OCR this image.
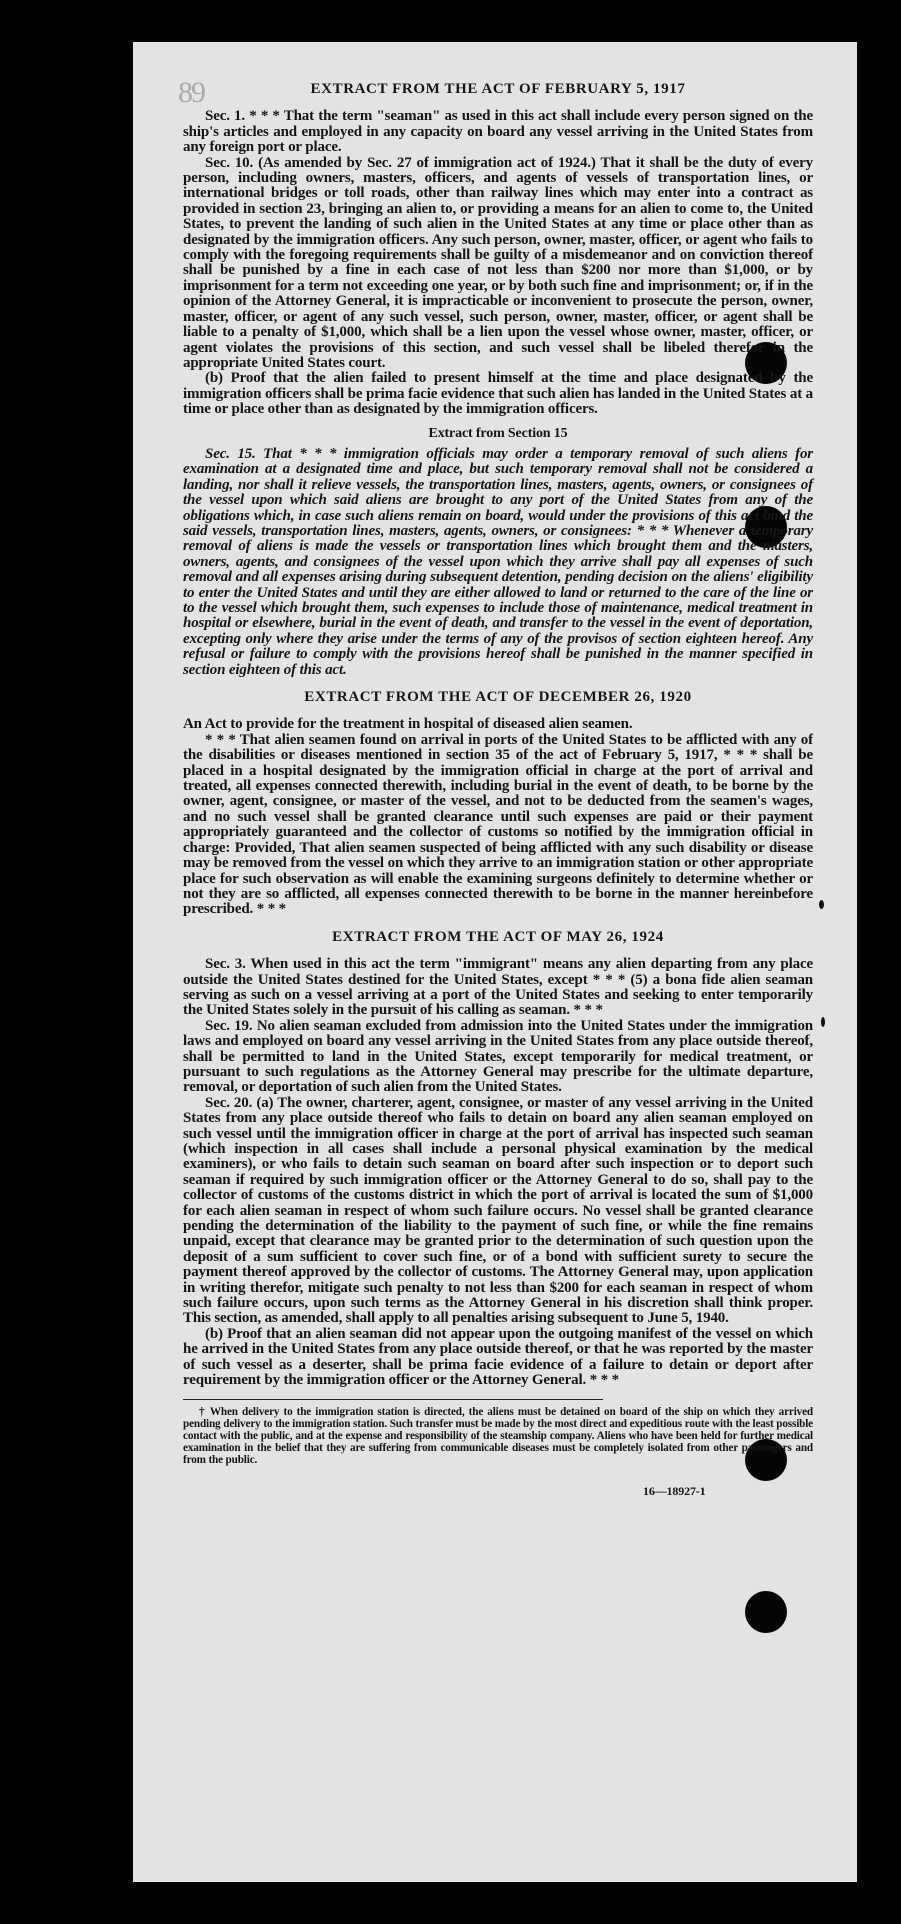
89	EXTRACT FROM THE ACT OF FEBRUARY 5, 1917

Sec. 1. * * * That the term "seaman" as used in this act shall include every person signed on the ship's articles and employed in any capacity on board any vessel arriving in the United States from any foreign port or place.

Sec. 10. (As amended by Sec. 27 of immigration act of 1924.) That it shall be the duty of every person, including owners, masters, officers, and agents of vessels of transportation lines, or international bridges or toll roads, other than railway lines which may enter into a contract as provided in section 23, bringing an alien to, or providing a means for an alien to come to, the United States, to prevent the landing of such alien in the United States at any time or place other than as designated by the immigration officers. Any such person, owner, master, officer, or agent who fails to comply with the foregoing requirements shall be guilty of a misdemeanor and on conviction thereof shall be punished by a fine in each case of not less than $200 nor more than $1,000, or by imprisonment for a term not exceeding one year, or by both such fine and imprisonment; or, if in the opinion of the Attorney General, it is impracticable or inconvenient to prosecute the person, owner, master, officer, or agent of any such vessel, such person, owner, master, officer, or agent shall be liable to a penalty of $1,000, which shall be a lien upon the vessel whose owner, master, officer, or agent violates the provisions of this section, and such vessel shall be libeled therefor in the appropriate United States court.

(b) Proof that the alien failed to present himself at the time and place designated by the immigration officers shall be prima facie evidence that such alien has landed in the United States at a time or place other than as designated by the immigration officers.

Extract from Section 15

Sec. 15. That * * * immigration officials may order a temporary removal of such aliens for examination at a designated time and place, but such temporary removal shall not be considered a landing, nor shall it relieve vessels, the transportation lines, masters, agents, owners, or consignees of the vessel upon which said aliens are brought to any port of the United States from any of the obligations which, in case such aliens remain on board, would under the provisions of this act bind the said vessels, transportation lines, masters, agents, owners, or consignees: * * * Whenever a temporary removal of aliens is made the vessels or transportation lines which brought them and the masters, owners, agents, and consignees of the vessel upon which they arrive shall pay all expenses of such removal and all expenses arising during subsequent detention, pending decision on the aliens' eligibility to enter the United States and until they are either allowed to land or returned to the care of the line or to the vessel which brought them, such expenses to include those of maintenance, medical treatment in hospital or elsewhere, burial in the event of death, and transfer to the vessel in the event of deportation, excepting only where they arise under the terms of any of the provisos of section eighteen hereof. Any refusal or failure to comply with the provisions hereof shall be punished in the manner specified in section eighteen of this act.

EXTRACT FROM THE ACT OF DECEMBER 26, 1920

An Act to provide for the treatment in hospital of diseased alien seamen.

* * * That alien seamen found on arrival in ports of the United States to be afflicted with any of the disabilities or diseases mentioned in section 35 of the act of February 5, 1917, * * * shall be placed in a hospital designated by the immigration official in charge at the port of arrival and treated, all expenses connected therewith, including burial in the event of death, to be borne by the owner, agent, consignee, or master of the vessel, and not to be deducted from the seamen's wages, and no such vessel shall be granted clearance until such expenses are paid or their payment appropriately guaranteed and the collector of customs so notified by the immigration official in charge: Provided, That alien seamen suspected of being afflicted with any such disability or disease may be removed from the vessel on which they arrive to an immigration station or other appropriate place for such observation as will enable the examining surgeons definitely to determine whether or not they are so afflicted, all expenses connected therewith to be borne in the manner hereinbefore prescribed. * * *

EXTRACT FROM THE ACT OF MAY 26, 1924

Sec. 3. When used in this act the term "immigrant" means any alien departing from any place outside the United States destined for the United States, except * * * (5) a bona fide alien seaman serving as such on a vessel arriving at a port of the United States and seeking to enter temporarily the United States solely in the pursuit of his calling as seaman. * * *

Sec. 19. No alien seaman excluded from admission into the United States under the immigration laws and employed on board any vessel arriving in the United States from any place outside thereof, shall be permitted to land in the United States, except temporarily for medical treatment, or pursuant to such regulations as the Attorney General may prescribe for the ultimate departure, removal, or deportation of such alien from the United States.

Sec. 20. (a) The owner, charterer, agent, consignee, or master of any vessel arriving in the United States from any place outside thereof who fails to detain on board any alien seaman employed on such vessel until the immigration officer in charge at the port of arrival has inspected such seaman (which inspection in all cases shall include a personal physical examination by the medical examiners), or who fails to detain such seaman on board after such inspection or to deport such seaman if required by such immigration officer or the Attorney General to do so, shall pay to the collector of customs of the customs district in which the port of arrival is located the sum of $1,000 for each alien seaman in respect of whom such failure occurs. No vessel shall be granted clearance pending the determination of the liability to the payment of such fine, or while the fine remains unpaid, except that clearance may be granted prior to the determination of such question upon the deposit of a sum sufficient to cover such fine, or of a bond with sufficient surety to secure the payment thereof approved by the collector of customs. The Attorney General may, upon application in writing therefor, mitigate such penalty to not less than $200 for each seaman in respect of whom such failure occurs, upon such terms as the Attorney General in his discretion shall think proper. This section, as amended, shall apply to all penalties arising subsequent to June 5, 1940.

(b) Proof that an alien seaman did not appear upon the outgoing manifest of the vessel on which he arrived in the United States from any place outside thereof, or that he was reported by the master of such vessel as a deserter, shall be prima facie evidence of a failure to detain or deport after requirement by the immigration officer or the Attorney General. * * *

† When delivery to the immigration station is directed, the aliens must be detained on board of the ship on which they arrived pending delivery to the immigration station. Such transfer must be made by the most direct and expeditious route with the least possible contact with the public, and at the expense and responsibility of the steamship company. Aliens who have been held for further medical examination in the belief that they are suffering from communicable diseases must be completely isolated from other passengers and from the public.

16—18927-1
